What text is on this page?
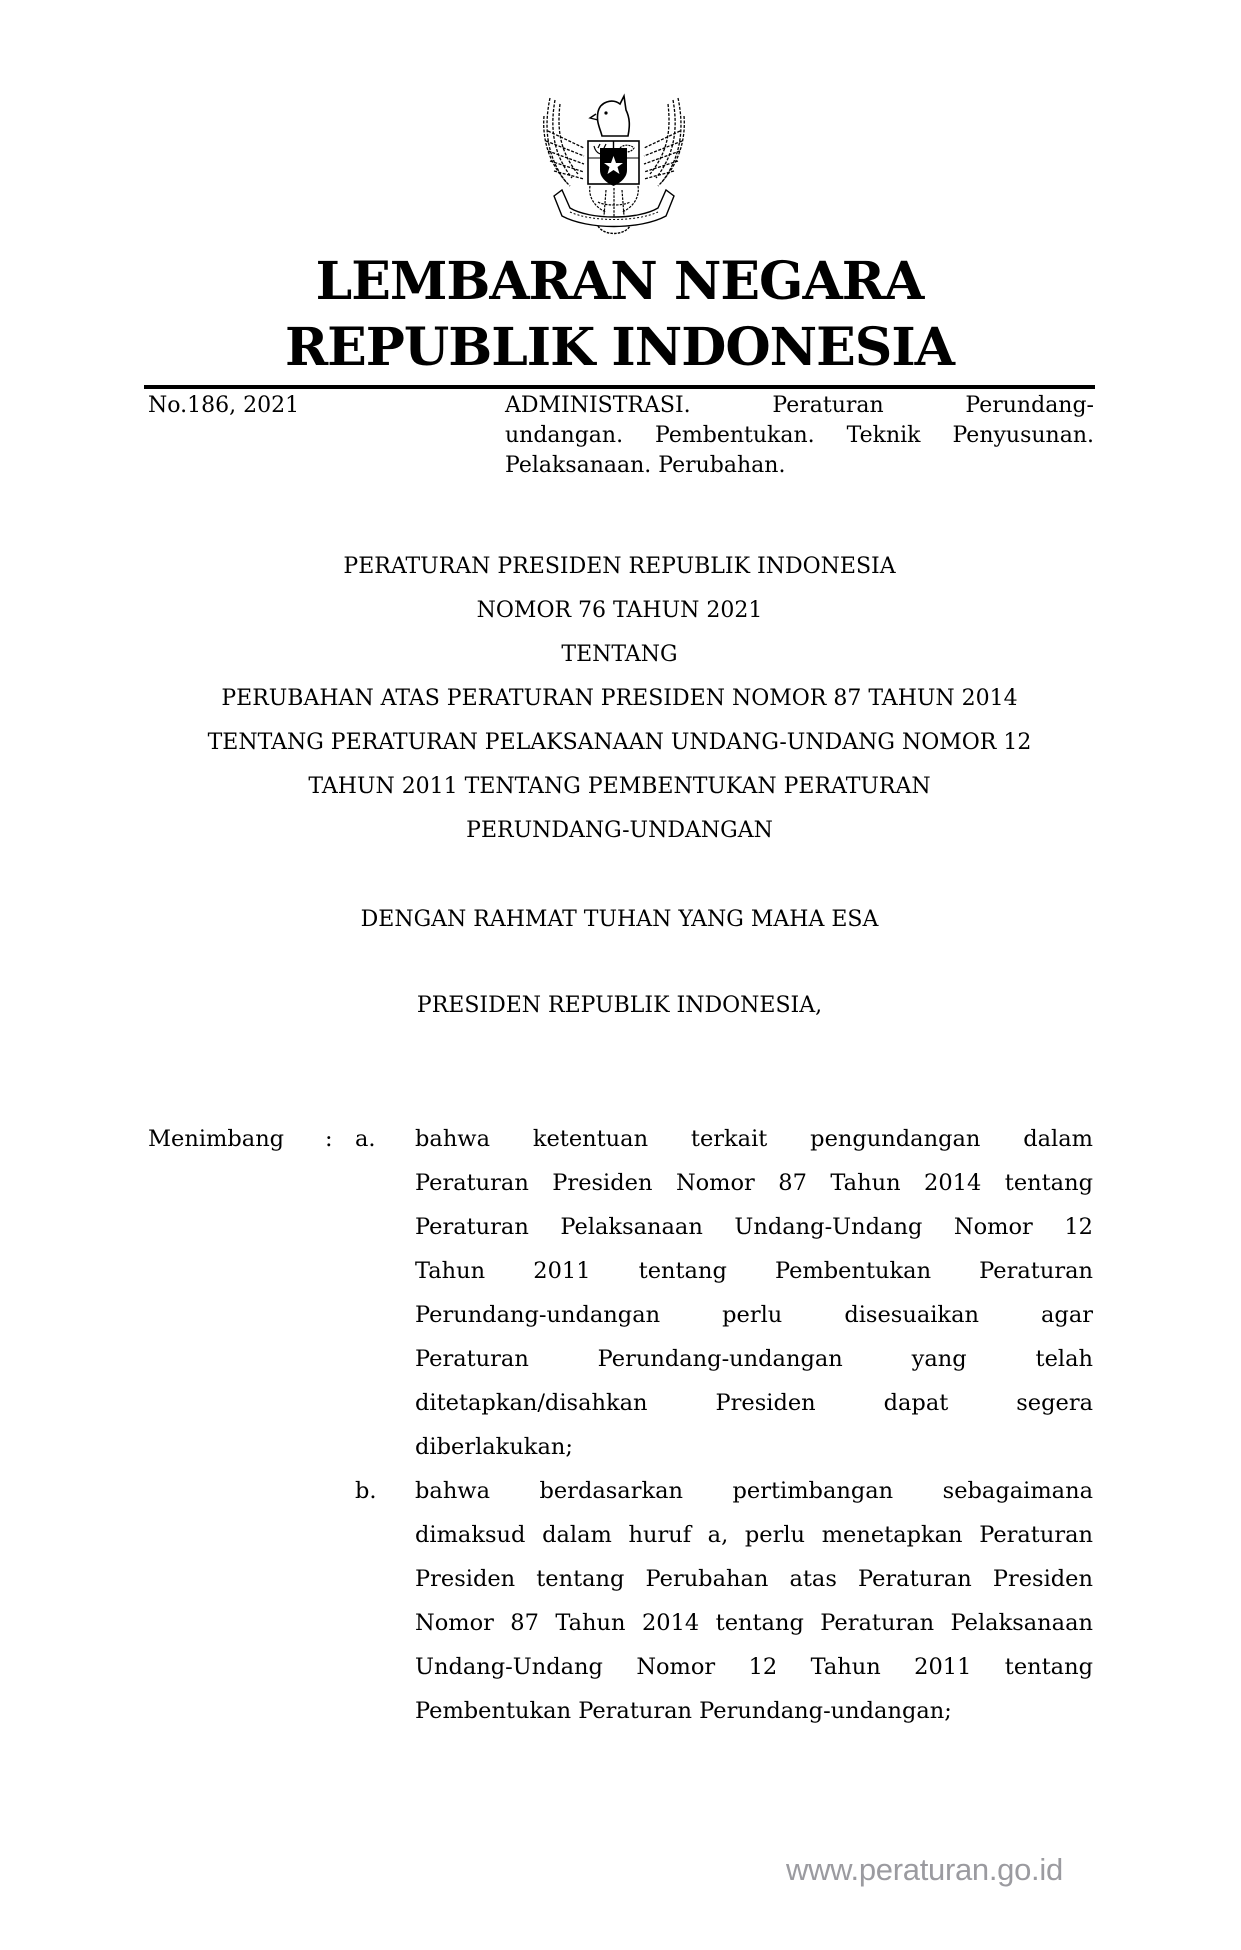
LEMBARAN NEGARA
REPUBLIK INDONESIA
No.186, 2021	ADMINISTRASI. Peraturan Perundang-
undangan. Pembentukan. Teknik Penyusunan.
Pelaksanaan. Perubahan.
PERATURAN PRESIDEN REPUBLIK INDONESIA
NOMOR 76 TAHUN 2021
TENTANG
PERUBAHAN ATAS PERATURAN PRESIDEN NOMOR 87 TAHUN 2014
TENTANG PERATURAN PELAKSANAAN UNDANG-UNDANG NOMOR 12
TAHUN 2011 TENTANG PEMBENTUKAN PERATURAN
PERUNDANG-UNDANGAN
DENGAN RAHMAT TUHAN YANG MAHA ESA
PRESIDEN REPUBLIK INDONESIA,
Menimbang : a. bahwa ketentuan terkait pengundangan dalam
Peraturan Presiden Nomor 87 Tahun 2014 tentang
Peraturan Pelaksanaan Undang-Undang Nomor 12
Tahun 2011 tentang Pembentukan Peraturan
Perundang-undangan perlu disesuaikan agar
Peraturan Perundang-undangan yang telah
ditetapkan/disahkan Presiden dapat segera
diberlakukan;
b. bahwa berdasarkan pertimbangan sebagaimana
dimaksud dalam huruf a, perlu menetapkan Peraturan
Presiden tentang Perubahan atas Peraturan Presiden
Nomor 87 Tahun 2014 tentang Peraturan Pelaksanaan
Undang-Undang Nomor 12 Tahun 2011 tentang
Pembentukan Peraturan Perundang-undangan;
www.peraturan.go.id
